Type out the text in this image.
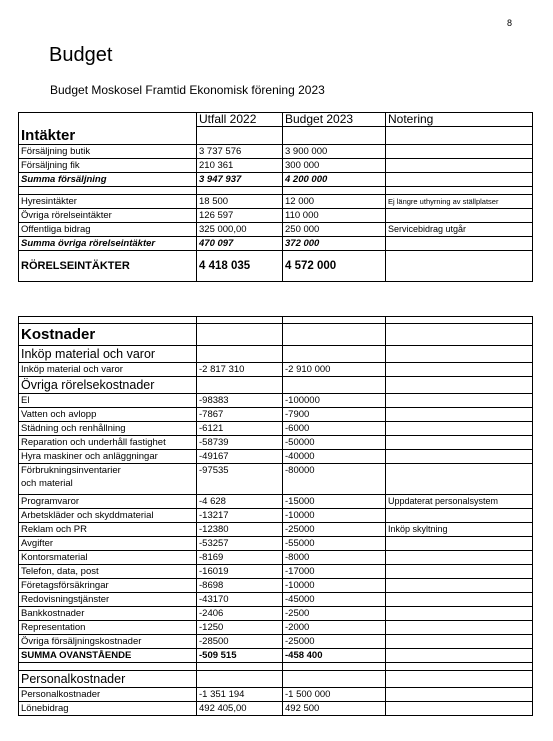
8
Budget

Budget Moskosel Framtid Ekonomisk förening 2023

	Utfall 2022	Budget 2023	Notering
Intäkter			
Försäljning butik	3 737 576	3 900 000	
Försäljning fik	210 361	300 000	
Summa försäljning	3 947 937	4 200 000	

Hyresintäkter	18 500	12 000	Ej längre uthyrning av ställplatser
Övriga rörelseintäkter	126 597	110 000	
Offentliga bidrag	325 000,00	250 000	Servicebidrag utgår
Summa övriga rörelseintäkter	470 097	372 000	
RÖRELSEINTÄKTER	4 418 035	4 572 000	

Kostnader			
Inköp material och varor			
Inköp material och varor	-2 817 310	-2 910 000	
Övriga rörelsekostnader			
El	-98383	-100000	
Vatten och avlopp	-7867	-7900	
Städning och renhållning	-6121	-6000	
Reparation och underhåll fastighet	-58739	-50000	
Hyra maskiner och anläggningar	-49167	-40000	
Förbrukningsinventarier
och material	-97535	-80000	
Programvaror	-4 628	-15000	Uppdaterat personalsystem
Arbetskläder och skyddmaterial	-13217	-10000	
Reklam och PR	-12380	-25000	Inköp skyltning
Avgifter	-53257	-55000	
Kontorsmaterial	-8169	-8000	
Telefon, data, post	-16019	-17000	
Företagsförsäkringar	-8698	-10000	
Redovisningstjänster	-43170	-45000	
Bankkostnader	-2406	-2500	
Representation	-1250	-2000	
Övriga försäljningskostnader	-28500	-25000	
SUMMA OVANSTÅENDE	-509 515	-458 400	

Personalkostnader			
Personalkostnader	-1 351 194	-1 500 000	
Lönebidrag	492 405,00	492 500	
